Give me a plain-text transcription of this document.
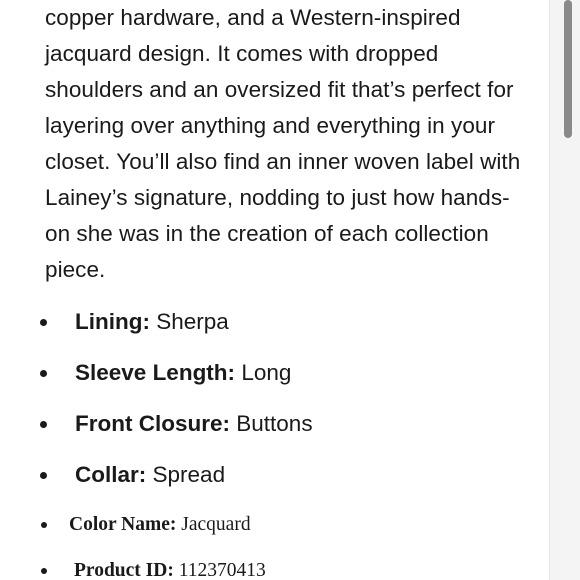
copper hardware, and a Western-inspired
jacquard design. It comes with dropped
shoulders and an oversized fit that’s perfect for
layering over anything and everything in your
closet. You’ll also find an inner woven label with
Lainey’s signature, nodding to just how hands-
on she was in the creation of each collection
piece.

Lining: Sherpa
Sleeve Length: Long
Front Closure: Buttons
Collar: Spread
Color Name: Jacquard
Product ID: 112370413
